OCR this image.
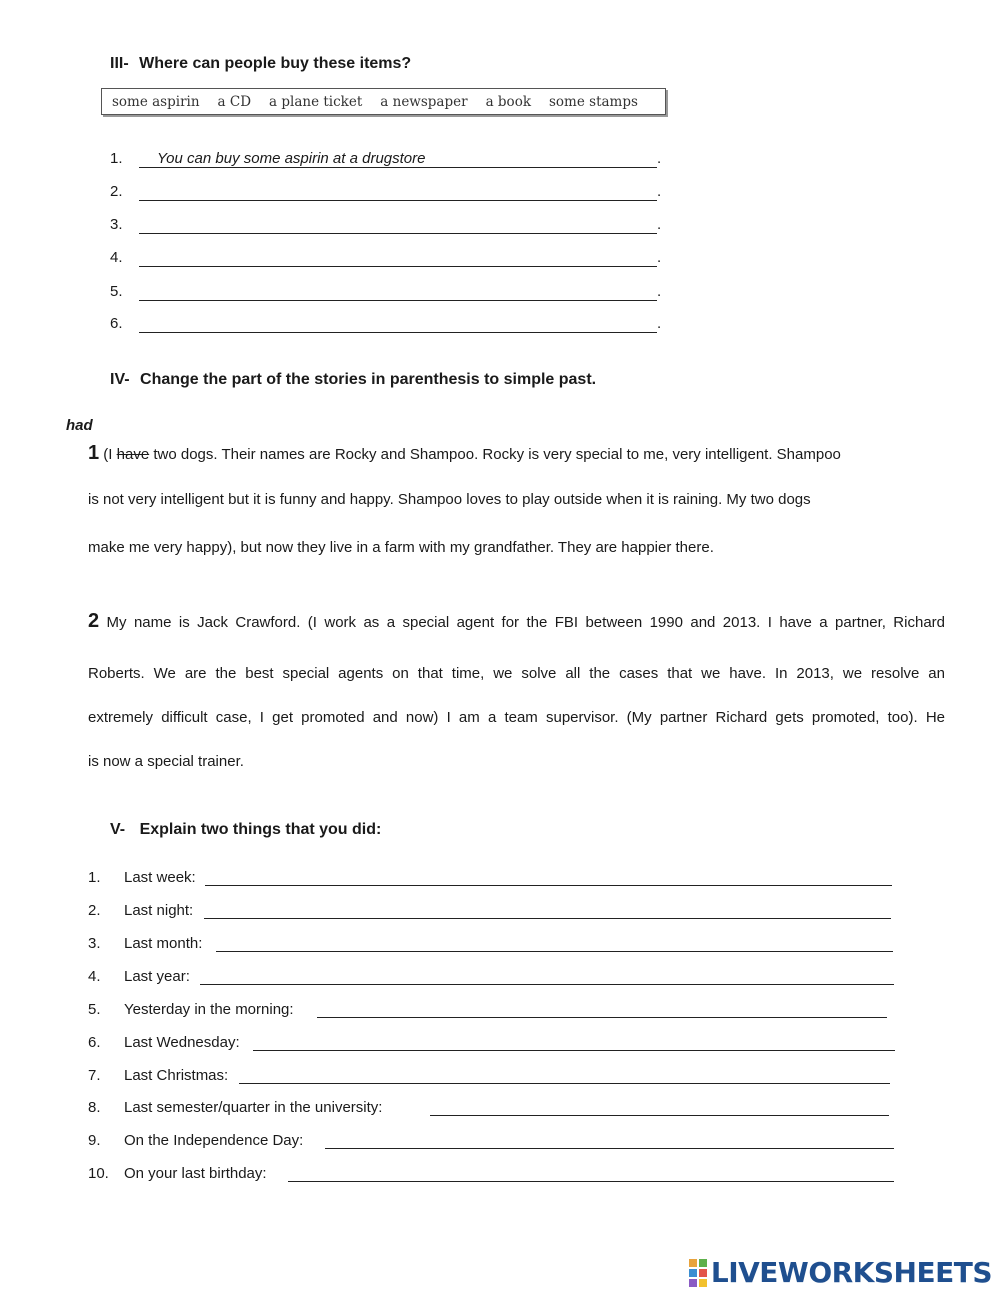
III- Where can people buy these items?
some aspirin a CD a plane ticket a newspaper a book some stamps
1.	You can buy some aspirin at a drugstore	.
2.	.
3.	.
4.	.
5.	.
6.	.
IV- Change the part of the stories in parenthesis to simple past.
had
1 (I have two dogs. Their names are Rocky and Shampoo. Rocky is very special to me, very intelligent. Shampoo
is not very intelligent but it is funny and happy. Shampoo loves to play outside when it is raining. My two dogs
make me very happy), but now they live in a farm with my grandfather. They are happier there.
2 My name is Jack Crawford. (I work as a special agent for the FBI between 1990 and 2013. I have a partner, Richard
Roberts. We are the best special agents on that time, we solve all the cases that we have. In 2013, we resolve an
extremely difficult case, I get promoted and now) I am a team supervisor. (My partner Richard gets promoted, too). He
is now a special trainer.
V- Explain two things that you did:
1. Last week:
2. Last night:
3. Last month:
4. Last year:
5. Yesterday in the morning:
6. Last Wednesday:
7. Last Christmas:
8. Last semester/quarter in the university:
9. On the Independence Day:
10. On your last birthday:
LIVEWORKSHEETS
